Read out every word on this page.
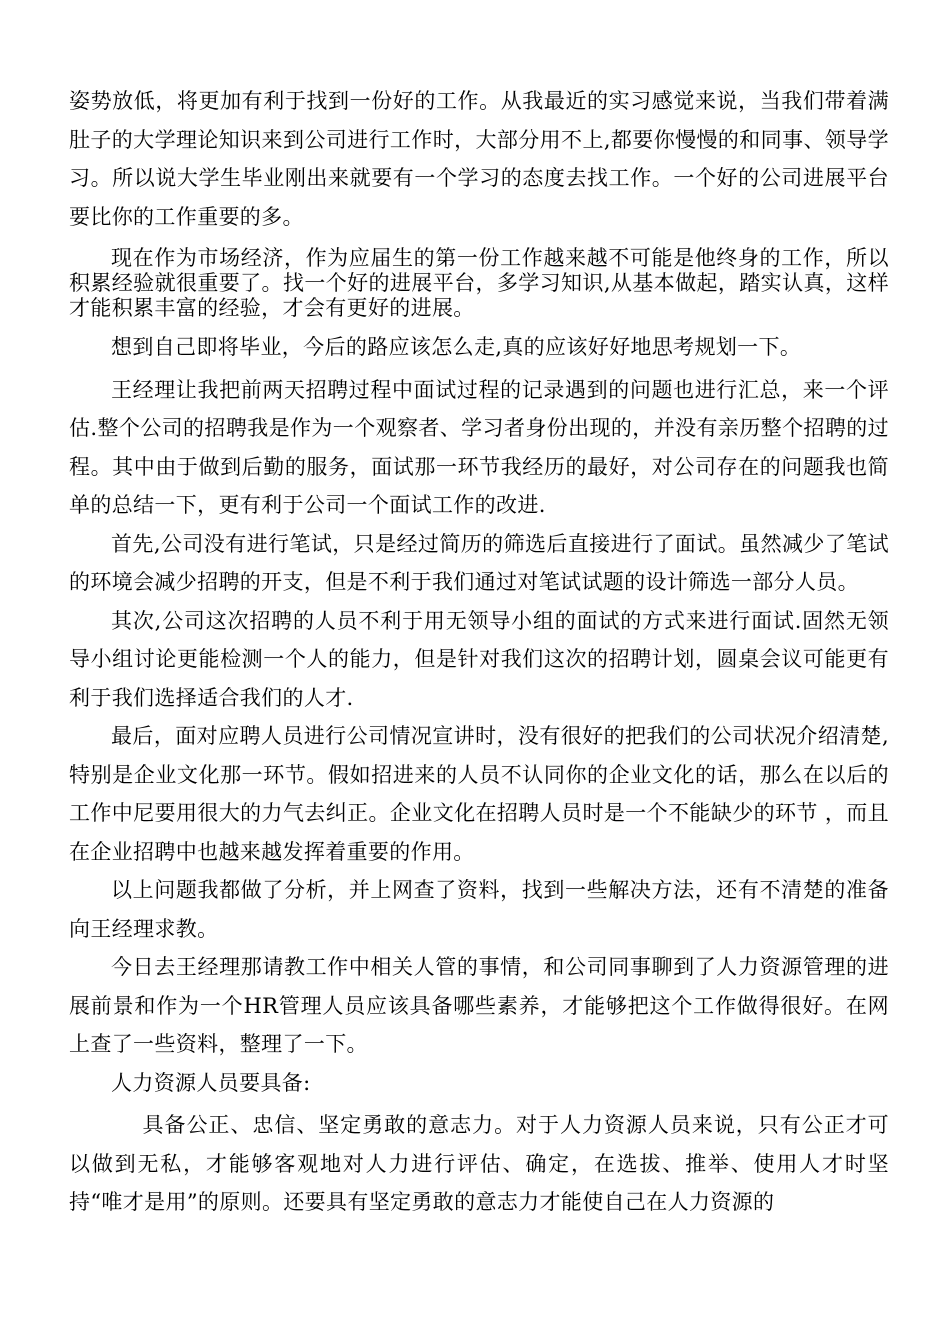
姿势放低，将更加有利于找到一份好的工作。从我最近的实习感觉来说，当我们带着满肚子的大学理论知识来到公司进行工作时，大部分用不上,都要你慢慢的和同事、领导学习。所以说大学生毕业刚出来就要有一个学习的态度去找工作。一个好的公司进展平台要比你的工作重要的多。

现在作为市场经济，作为应届生的第一份工作越来越不可能是他终身的工作，所以积累经验就很重要了。找一个好的进展平台，多学习知识,从基本做起，踏实认真，这样才能积累丰富的经验，才会有更好的进展。

想到自己即将毕业，今后的路应该怎么走,真的应该好好地思考规划一下。

王经理让我把前两天招聘过程中面试过程的记录遇到的问题也进行汇总，来一个评估.整个公司的招聘我是作为一个观察者、学习者身份出现的，并没有亲历整个招聘的过程。其中由于做到后勤的服务，面试那一环节我经历的最好，对公司存在的问题我也简单的总结一下，更有利于公司一个面试工作的改进.

首先,公司没有进行笔试，只是经过简历的筛选后直接进行了面试。虽然减少了笔试的环境会减少招聘的开支，但是不利于我们通过对笔试试题的设计筛选一部分人员。

其次,公司这次招聘的人员不利于用无领导小组的面试的方式来进行面试.固然无领导小组讨论更能检测一个人的能力，但是针对我们这次的招聘计划，圆桌会议可能更有利于我们选择适合我们的人才.

最后，面对应聘人员进行公司情况宣讲时，没有很好的把我们的公司状况介绍清楚,特别是企业文化那一环节。假如招进来的人员不认同你的企业文化的话，那么在以后的工作中尼要用很大的力气去纠正。企业文化在招聘人员时是一个不能缺少的环节 ，而且在企业招聘中也越来越发挥着重要的作用。

以上问题我都做了分析，并上网查了资料，找到一些解决方法，还有不清楚的准备向王经理求教。

今日去王经理那请教工作中相关人管的事情，和公司同事聊到了人力资源管理的进展前景和作为一个HR管理人员应该具备哪些素养，才能够把这个工作做得很好。在网上查了一些资料，整理了一下。

人力资源人员要具备:

具备公正、忠信、坚定勇敢的意志力。对于人力资源人员来说，只有公正才可以做到无私，才能够客观地对人力进行评估、确定，在选拔、推举、使用人才时坚持“唯才是用”的原则。还要具有坚定勇敢的意志力才能使自己在人力资源的
